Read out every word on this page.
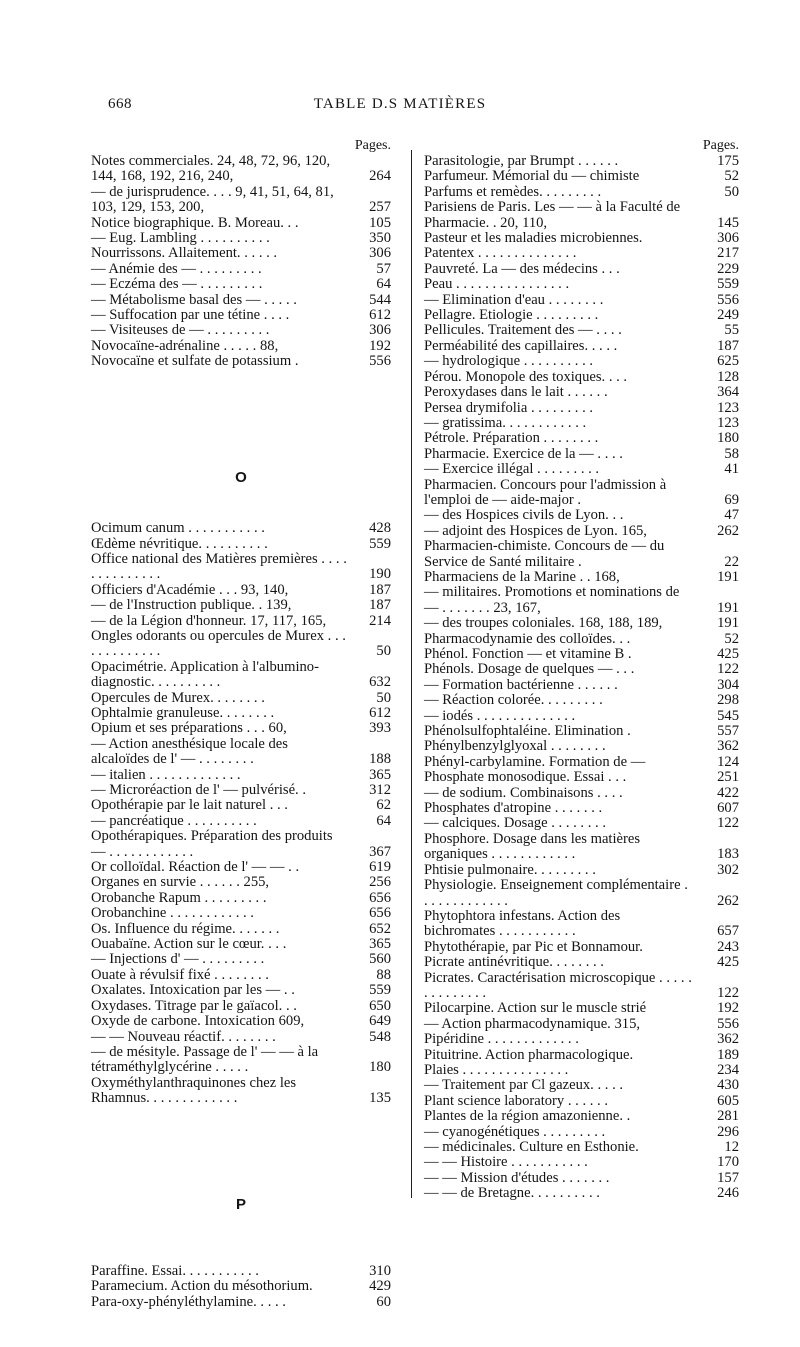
668	TABLE D.S MATIÈRES
Pages.
Notes commerciales. 24, 48, 72, 96, 120, 144, 168, 192, 216, 240,	264
— de jurisprudence. . . . 9, 41, 51, 64, 81, 103, 129, 153, 200,	257
Notice biographique. B. Moreau. . .	105
— Eug. Lambling . . . . . . . . . .	350
Nourrissons. Allaitement. . . . . .	306
— Anémie des — . . . . . . . . .	57
— Eczéma des — . . . . . . . . .	64
— Métabolisme basal des — . . . . .	544
— Suffocation par une tétine . . . .	612
— Visiteuses de — . . . . . . . . .	306
Novocaïne-adrénaline . . . . . 88,	192
Novocaïne et sulfate de potassium .	556
O
Ocimum canum . . . . . . . . . . .	428
Œdème névritique. . . . . . . . . .	559
Office national des Matières premières . . . . . . . . . . . . . .	190
Officiers d'Académie . . . 93, 140,	187
— de l'Instruction publique. . 139,	187
— de la Légion d'honneur. 17, 117, 165,	214
Ongles odorants ou opercules de Murex . . . . . . . . . . . . .	50
Opacimétrie. Application à l'albumino-diagnostic. . . . . . . . . .	632
Opercules de Murex. . . . . . . .	50
Ophtalmie granuleuse. . . . . . . .	612
Opium et ses préparations . . . 60,	393
— Action anesthésique locale des alcaloïdes de l' — . . . . . . . .	188
— italien . . . . . . . . . . . . .	365
— Microréaction de l' — pulvérisé. .	312
Opothérapie par le lait naturel . . .	62
— pancréatique . . . . . . . . . .	64
Opothérapiques. Préparation des produits — . . . . . . . . . . . .	367
Or colloïdal. Réaction de l' — — . .	619
Organes en survie . . . . . . 255,	256
Orobanche Rapum . . . . . . . . .	656
Orobanchine . . . . . . . . . . . .	656
Os. Influence du régime. . . . . . .	652
Ouabaïne. Action sur le cœur. . . .	365
— Injections d' — . . . . . . . . .	560
Ouate à révulsif fixé . . . . . . . .	88
Oxalates. Intoxication par les — . .	559
Oxydases. Titrage par le gaïacol. . .	650
Oxyde de carbone. Intoxication 609,	649
— — Nouveau réactif. . . . . . . .	548
— de mésityle. Passage de l' — — à la tétraméthylglycérine . . . . .	180
Oxyméthylanthraquinones chez les Rhamnus. . . . . . . . . . . . .	135
P
Paraffine. Essai. . . . . . . . . . .	310
Paramecium. Action du mésothorium.	429
Para-oxy-phényléthylamine. . . . .	60
Pages.
Parasitologie, par Brumpt . . . . . .	175
Parfumeur. Mémorial du — chimiste	52
Parfums et remèdes. . . . . . . . .	50
Parisiens de Paris. Les — — à la Faculté de Pharmacie. . 20, 110,	145
Pasteur et les maladies microbiennes.	306
Patentex . . . . . . . . . . . . . .	217
Pauvreté. La — des médecins . . .	229
Peau . . . . . . . . . . . . . . . .	559
— Elimination d'eau . . . . . . . .	556
Pellagre. Etiologie . . . . . . . . .	249
Pellicules. Traitement des — . . . .	55
Perméabilité des capillaires. . . . .	187
— hydrologique . . . . . . . . . .	625
Pérou. Monopole des toxiques. . . .	128
Peroxydases dans le lait . . . . . .	364
Persea drymifolia . . . . . . . . .	123
— gratissima. . . . . . . . . . . .	123
Pétrole. Préparation . . . . . . . .	180
Pharmacie. Exercice de la — . . . .	58
— Exercice illégal . . . . . . . . .	41
Pharmacien. Concours pour l'admission à l'emploi de — aide-major .	69
— des Hospices civils de Lyon. . .	47
— adjoint des Hospices de Lyon. 165,	262
Pharmacien-chimiste. Concours de — du Service de Santé militaire .	22
Pharmaciens de la Marine . . 168,	191
— militaires. Promotions et nominations de — . . . . . . . 23, 167,	191
— des troupes coloniales. 168, 188, 189,	191
Pharmacodynamie des colloïdes. . .	52
Phénol. Fonction — et vitamine B .	425
Phénols. Dosage de quelques — . . .	122
— Formation bactérienne . . . . . .	304
— Réaction colorée. . . . . . . . .	298
— iodés . . . . . . . . . . . . . .	545
Phénolsulfophtaléine. Elimination .	557
Phénylbenzylglyoxal . . . . . . . .	362
Phényl-carbylamine. Formation de —	124
Phosphate monosodique. Essai . . .	251
— de sodium. Combinaisons . . . .	422
Phosphates d'atropine . . . . . . .	607
— calciques. Dosage . . . . . . . .	122
Phosphore. Dosage dans les matières organiques . . . . . . . . . . . .	183
Phtisie pulmonaire. . . . . . . . .	302
Physiologie. Enseignement complémentaire . . . . . . . . . . . . .	262
Phytophtora infestans. Action des bichromates . . . . . . . . . . .	657
Phytothérapie, par Pic et Bonnamour.	243
Picrate antinévritique. . . . . . . .	425
Picrates. Caractérisation microscopique . . . . . . . . . . . . . .	122
Pilocarpine. Action sur le muscle strié	192
— Action pharmacodynamique. 315,	556
Pipéridine . . . . . . . . . . . . .	362
Pituitrine. Action pharmacologique.	189
Plaies . . . . . . . . . . . . . . .	234
— Traitement par Cl gazeux. . . . .	430
Plant science laboratory . . . . . .	605
Plantes de la région amazonienne. .	281
— cyanogénétiques . . . . . . . . .	296
— médicinales. Culture en Esthonie.	12
— — Histoire . . . . . . . . . . .	170
— — Mission d'études . . . . . . .	157
— — de Bretagne. . . . . . . . . .	246
